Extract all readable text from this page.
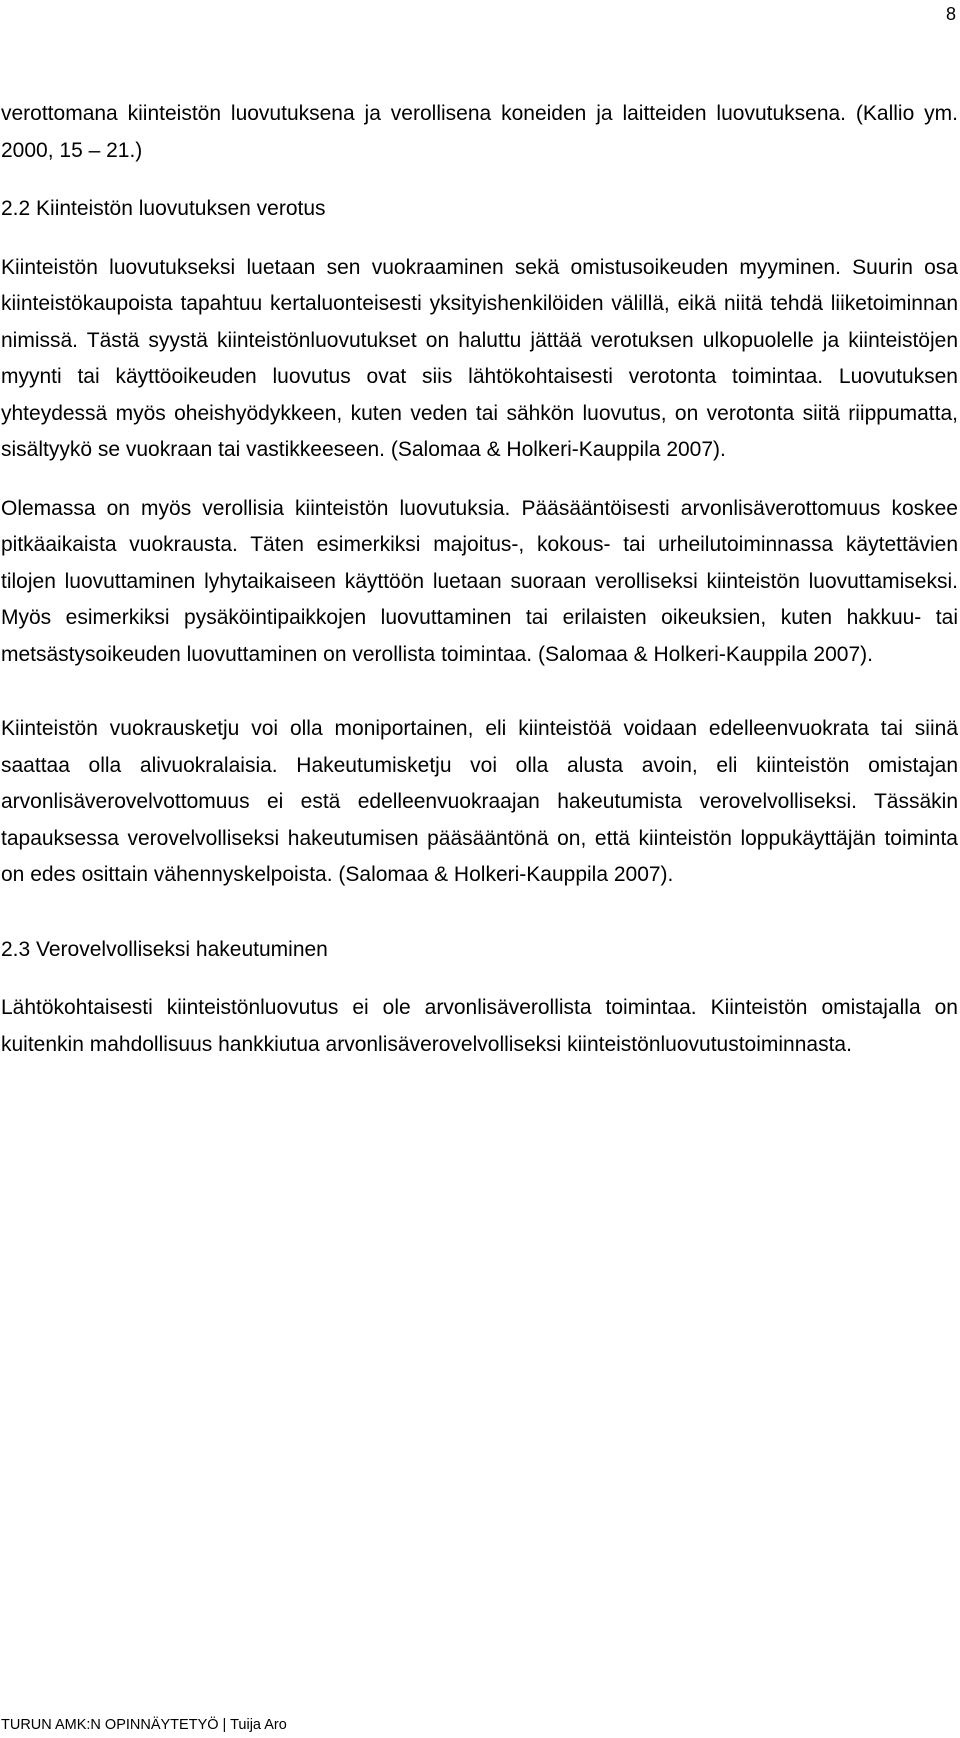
8

verottomana kiinteistön luovutuksena ja verollisena koneiden ja laitteiden luovutuksena. (Kallio ym. 2000, 15 – 21.)

2.2 Kiinteistön luovutuksen verotus

Kiinteistön luovutukseksi luetaan sen vuokraaminen sekä omistusoikeuden myyminen. Suurin osa kiinteistökaupoista tapahtuu kertaluonteisesti yksityishenkilöiden välillä, eikä niitä tehdä liiketoiminnan nimissä. Tästä syystä kiinteistönluovutukset on haluttu jättää verotuksen ulkopuolelle ja kiinteistöjen myynti tai käyttöoikeuden luovutus ovat siis lähtökohtaisesti verotonta toimintaa. Luovutuksen yhteydessä myös oheishyödykkeen, kuten veden tai sähkön luovutus, on verotonta siitä riippumatta, sisältyykö se vuokraan tai vastikkeeseen. (Salomaa & Holkeri-Kauppila 2007).

Olemassa on myös verollisia kiinteistön luovutuksia. Pääsääntöisesti arvonlisäverottomuus koskee pitkäaikaista vuokrausta. Täten esimerkiksi majoitus-, kokous- tai urheilutoiminnassa käytettävien tilojen luovuttaminen lyhytaikaiseen käyttöön luetaan suoraan verolliseksi kiinteistön luovuttamiseksi. Myös esimerkiksi pysäköintipaikkojen luovuttaminen tai erilaisten oikeuksien, kuten hakkuu- tai metsästysoikeuden luovuttaminen on verollista toimintaa. (Salomaa & Holkeri-Kauppila 2007).

Kiinteistön vuokrausketju voi olla moniportainen, eli kiinteistöä voidaan edelleenvuokrata tai siinä saattaa olla alivuokralaisia. Hakeutumisketju voi olla alusta avoin, eli kiinteistön omistajan arvonlisäverovelvottomuus ei estä edelleenvuokraajan hakeutumista verovelvolliseksi. Tässäkin tapauksessa verovelvolliseksi hakeutumisen pääsääntönä on, että kiinteistön loppukäyttäjän toiminta on edes osittain vähennyskelpoista. (Salomaa & Holkeri-Kauppila 2007).

2.3 Verovelvolliseksi hakeutuminen

Lähtökohtaisesti kiinteistönluovutus ei ole arvonlisäverollista toimintaa. Kiinteistön omistajalla on kuitenkin mahdollisuus hankkiutua arvonlisäverovelvolliseksi kiinteistönluovutustoiminnasta.

TURUN AMK:N OPINNÄYTETYÖ | Tuija Aro
